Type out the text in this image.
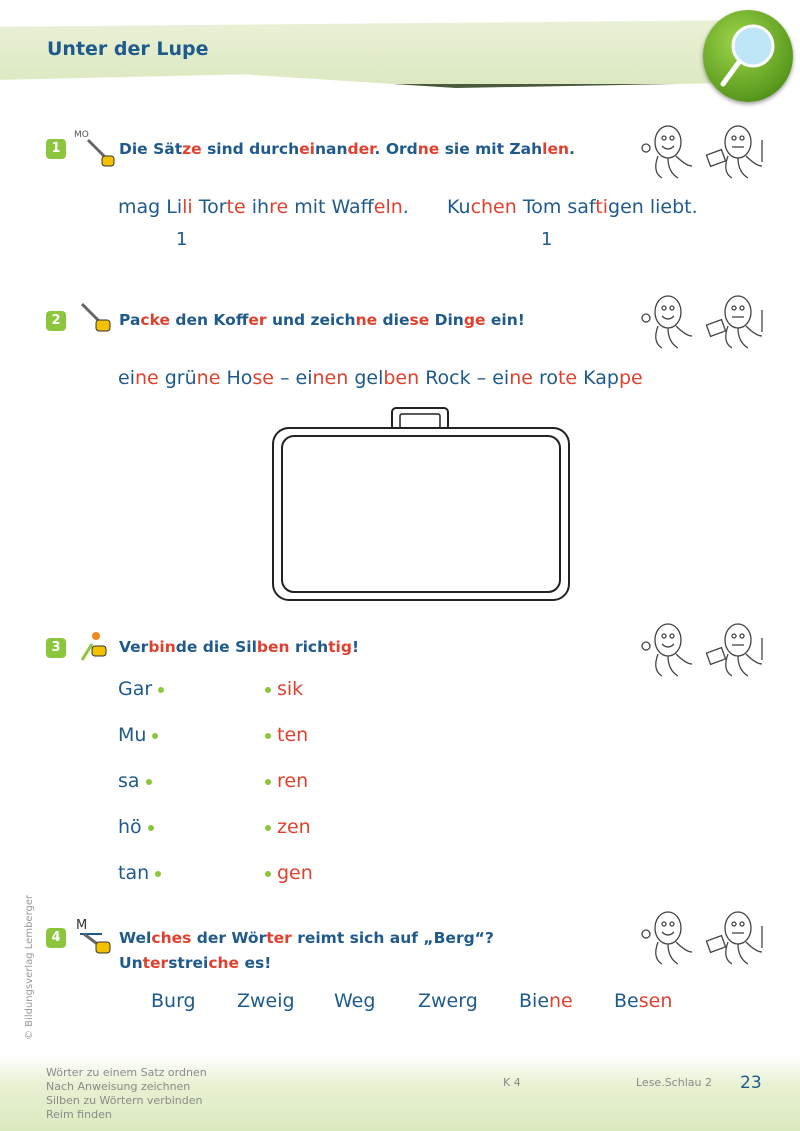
Unter der Lupe
1
MO
Die Sätze sind durcheinander. Ordne sie mit Zahlen.
mag Lili Torte ihre mit Waffeln. Kuchen Tom saftigen liebt.
1	1
2	Packe den Koffer und zeichne diese Dinge ein!
eine grüne Hose – einen gelben Rock – eine rote Kappe
3	Verbinde die Silben richtig!
Gar	sik
Mu	ten
sa	ren
hö	zen
tan	gen
4
M
Welches der Wörter reimt sich auf „Berg“?
Unterstreiche es!
Burg Zweig Weg Zwerg Biene Besen
© Bildungsverlag Lemberger
Wörter zu einem Satz ordnen
Nach Anweisung zeichnen
Silben zu Wörtern verbinden
Reim finden
K 4	Lese.Schlau 2 23
